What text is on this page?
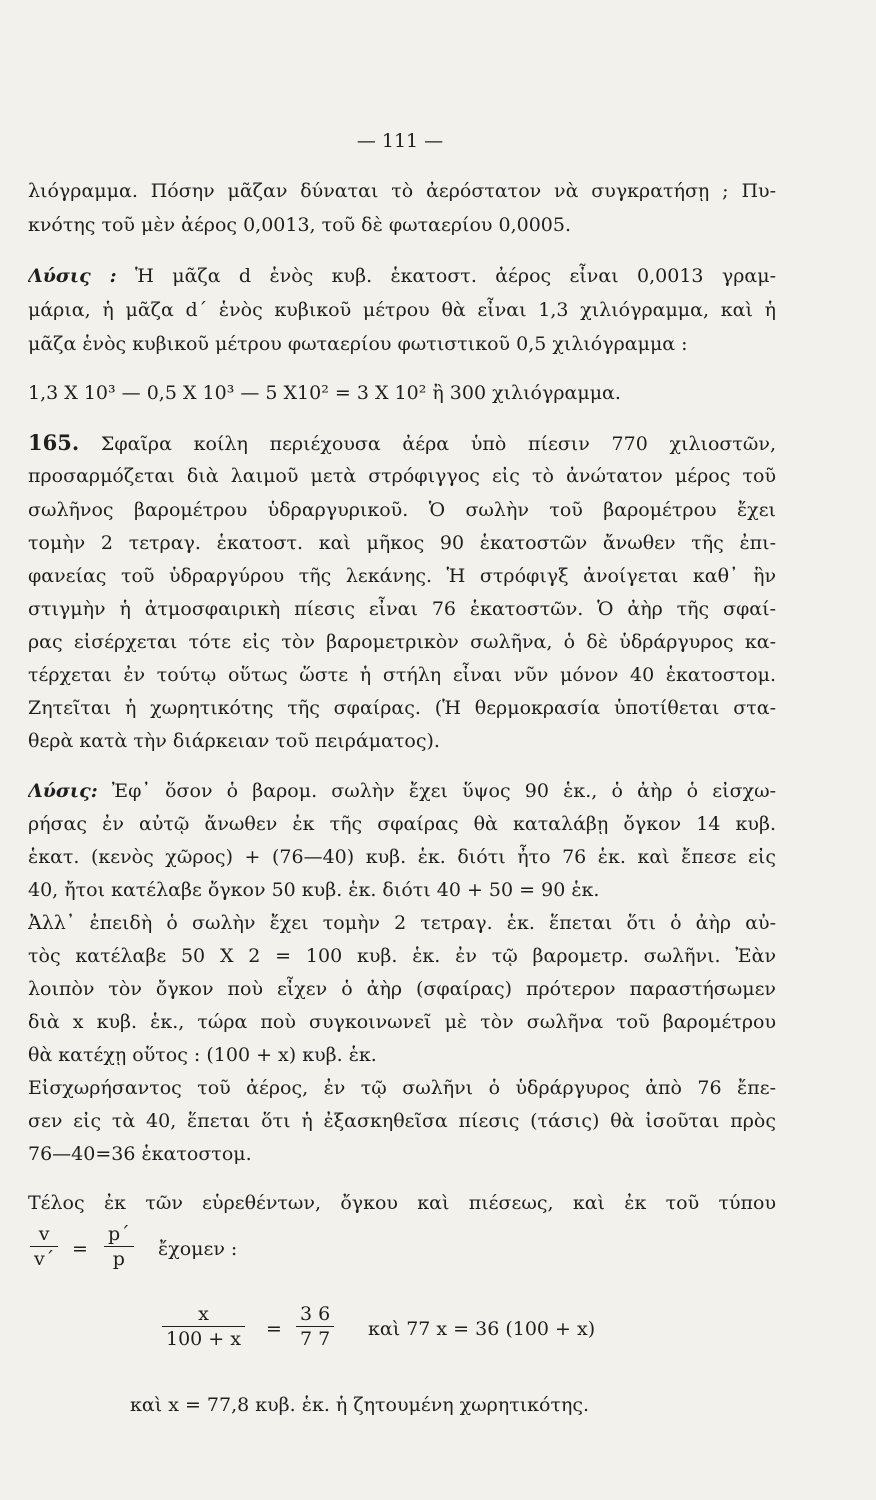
— 111 —
λιόγραμμα. Πόσην μᾶζαν δύναται τὸ ἀερόστατον νὰ συγκρατήσῃ ; Πυ-
κνότης τοῦ μὲν ἀέρος 0,0013, τοῦ δὲ φωταερίου 0,0005.
Λύσις : Ἡ μᾶζα d ἑνὸς κυβ. ἑκατοστ. ἀέρος εἶναι 0,0013 γραμ-
μάρια, ἡ μᾶζα d΄ ἑνὸς κυβικοῦ μέτρου θὰ εἶναι 1,3 χιλιόγραμμα, καὶ ἡ
μᾶζα ἑνὸς κυβικοῦ μέτρου φωταερίου φωτιστικοῦ 0,5 χιλιόγραμμα :
1,3 X 10³ — 0,5 X 10³ — 5 X10² = 3 X 10² ἢ 300 χιλιόγραμμα.
165. Σφαῖρα κοίλη περιέχουσα ἀέρα ὑπὸ πίεσιν 770 χιλιοστῶν,
προσαρμόζεται διὰ λαιμοῦ μετὰ στρόφιγγος εἰς τὸ ἀνώτατον μέρος τοῦ
σωλῆνος βαρομέτρου ὑδραργυρικοῦ. Ὁ σωλὴν τοῦ βαρομέτρου ἔχει
τομὴν 2 τετραγ. ἑκατοστ. καὶ μῆκος 90 ἑκατοστῶν ἄνωθεν τῆς ἐπι-
φανείας τοῦ ὑδραργύρου τῆς λεκάνης. Ἡ στρόφιγξ ἀνοίγεται καθ᾽ ἣν
στιγμὴν ἡ ἀτμοσφαιρικὴ πίεσις εἶναι 76 ἑκατοστῶν. Ὁ ἀὴρ τῆς σφαί-
ρας εἰσέρχεται τότε εἰς τὸν βαρομετρικὸν σωλῆνα, ὁ δὲ ὑδράργυρος κα-
τέρχεται ἐν τούτῳ οὕτως ὥστε ἡ στήλη εἶναι νῦν μόνον 40 ἑκατοστομ.
Ζητεῖται ἡ χωρητικότης τῆς σφαίρας. (Ἡ θερμοκρασία ὑποτίθεται στα-
θερὰ κατὰ τὴν διάρκειαν τοῦ πειράματος).
Λύσις: Ἐφ᾽ ὅσον ὁ βαρομ. σωλὴν ἔχει ὕψος 90 ἑκ., ὁ ἀὴρ ὁ εἰσχω-
ρήσας ἐν αὐτῷ ἄνωθεν ἐκ τῆς σφαίρας θὰ καταλάβῃ ὄγκον 14 κυβ.
ἑκατ. (κενὸς χῶρος) + (76—40) κυβ. ἑκ. διότι ἦτο 76 ἑκ. καὶ ἔπεσε εἰς
40, ἤτοι κατέλαβε ὄγκον 50 κυβ. ἑκ. διότι 40 + 50 = 90 ἑκ.
Ἀλλ᾽ ἐπειδὴ ὁ σωλὴν ἔχει τομὴν 2 τετραγ. ἑκ. ἕπεται ὅτι ὁ ἀὴρ αὐ-
τὸς κατέλαβε 50 X 2 = 100 κυβ. ἑκ. ἐν τῷ βαρομετρ. σωλῆνι. Ἐὰν
λοιπὸν τὸν ὄγκον ποὺ εἶχεν ὁ ἀὴρ (σφαίρας) πρότερον παραστήσωμεν
διὰ x κυβ. ἑκ., τώρα ποὺ συγκοινωνεῖ μὲ τὸν σωλῆνα τοῦ βαρομέτρου
θὰ κατέχῃ οὕτος : (100 + x) κυβ. ἑκ.
Εἰσχωρήσαντος τοῦ ἀέρος, ἐν τῷ σωλῆνι ὁ ὑδράργυρος ἀπὸ 76 ἔπε-
σεν εἰς τὰ 40, ἕπεται ὅτι ἡ ἐξασκηθεῖσα πίεσις (τάσις) θὰ ἰσοῦται πρὸς
76—40=36 ἑκατοστομ.
Τέλος ἐκ τῶν εὑρεθέντων, ὄγκου καὶ πιέσεως, καὶ ἐκ τοῦ τύπου
v
v΄ =
p΄
p ἔχομεν :
x
100 + x =
3 6
7 7 καὶ 77 x = 36 (100 + x)
καὶ x = 77,8 κυβ. ἑκ. ἡ ζητουμένη χωρητικότης.
